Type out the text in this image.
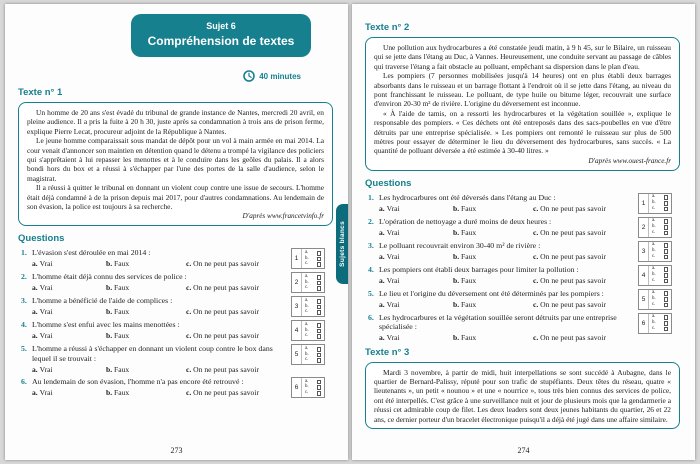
Sujet 6
Compréhension de textes
40 minutes
Texte n° 1

Un homme de 20 ans s'est évadé du tribunal de grande instance de Nantes, mercredi 20 avril, en pleine audience. Il a pris la fuite à 20 h 30, juste après sa condamnation à trois ans de prison ferme, explique Pierre Lecat, procureur adjoint de la République à Nantes.

Le jeune homme comparaissait sous mandat de dépôt pour un vol à main armée en mai 2014. La cour venait d'annoncer son maintien en détention quand le détenu a trompé la vigilance des policiers qui s'apprêtaient à lui repasser les menottes et à le conduire dans les geôles du palais. Il a alors bondi hors du box et a réussi à s'échapper par l'une des portes de la salle d'audience, selon le magistrat.

Il a réussi à quitter le tribunal en donnant un violent coup contre une issue de secours. L'homme était déjà condamné à de la prison depuis mai 2017, pour d'autres condamnations. Au lendemain de son évasion, la police est toujours à sa recherche.

D'après www.francetvinfo.fr

Questions
1. L'évasion s'est déroulée en mai 2014 :
a. Vrai	b. Faux	c. On ne peut pas savoir
1
a.
b.
c.
2. L'homme était déjà connu des services de police :
a. Vrai	b. Faux	c. On ne peut pas savoir
2
a.
b.
c.
3. L'homme a bénéficié de l'aide de complices :
a. Vrai	b. Faux	c. On ne peut pas savoir
3
a.
b.
c.
4. L'homme s'est enfui avec les mains menottées :
a. Vrai	b. Faux	c. On ne peut pas savoir
4
a.
b.
c.
5. L'homme a réussi à s'échapper en donnant un violent coup contre le box dans lequel il se trouvait :
a. Vrai	b. Faux	c. On ne peut pas savoir
5
a.
b.
c.
6. Au lendemain de son évasion, l'homme n'a pas encore été retrouvé :
a. Vrai	b. Faux	c. On ne peut pas savoir
6
a.
b.
c.
Sujets blancs
273
Texte n° 2

Une pollution aux hydrocarbures a été constatée jeudi matin, à 9 h 45, sur le Bilaire, un ruisseau qui se jette dans l'étang au Duc, à Vannes. Heureusement, une conduite servant au passage de câbles qui traverse l'étang a fait obstacle au polluant, empêchant sa dispersion dans le plan d'eau.

Les pompiers (7 personnes mobilisées jusqu'à 14 heures) ont en plus établi deux barrages absorbants dans le ruisseau et un barrage flottant à l'endroit où il se jette dans l'étang, au niveau du pont franchissant le ruisseau. Le polluant, de type huile ou bitume léger, recouvrait une surface d'environ 20-30 m² de rivière. L'origine du déversement est inconnue.

« À l'aide de tamis, on a ressorti les hydrocarbures et la végétation souillée », explique le responsable des pompiers. « Ces déchets ont été entreposés dans des sacs-poubelles en vue d'être détruits par une entreprise spécialisée. » Les pompiers ont remonté le ruisseau sur plus de 500 mètres pour essayer de déterminer le lieu du déversement des hydrocarbures, sans succès. « La quantité de polluant déversée a été estimée à 30-40 litres. »

D'après www.ouest-france.fr

Questions
1. Les hydrocarbures ont été déversés dans l'étang au Duc :
a. Vrai	b. Faux	c. On ne peut pas savoir
1
a.
b.
c.
2. L'opération de nettoyage a duré moins de deux heures :
a. Vrai	b. Faux	c. On ne peut pas savoir
2
a.
b.
c.
3. Le polluant recouvrait environ 30-40 m² de rivière :
a. Vrai	b. Faux	c. On ne peut pas savoir
3
a.
b.
c.
4. Les pompiers ont établi deux barrages pour limiter la pollution :
a. Vrai	b. Faux	c. On ne peut pas savoir
4
a.
b.
c.
5. Le lieu et l'origine du déversement ont été déterminés par les pompiers :
a. Vrai	b. Faux	c. On ne peut pas savoir
5
a.
b.
c.
6. Les hydrocarbures et la végétation souillée seront détruits par une entreprise spécialisée :
a. Vrai	b. Faux	c. On ne peut pas savoir
6
a.
b.
c.
Texte n° 3

Mardi 3 novembre, à partir de midi, huit interpellations se sont succédé à Aubagne, dans le quartier de Bernard-Palissy, réputé pour son trafic de stupéfiants. Deux têtes du réseau, quatre « lieutenants », un petit « nounou » et une « nourrice », tous très bien connus des services de police, ont été interpellés. C'est grâce à une surveillance nuit et jour de plusieurs mois que la gendarmerie a réussi cet admirable coup de filet. Les deux leaders sont deux jeunes habitants du quartier, 26 et 22 ans, ce dernier porteur d'un bracelet électronique puisqu'il a déjà été jugé dans une affaire similaire.

274
